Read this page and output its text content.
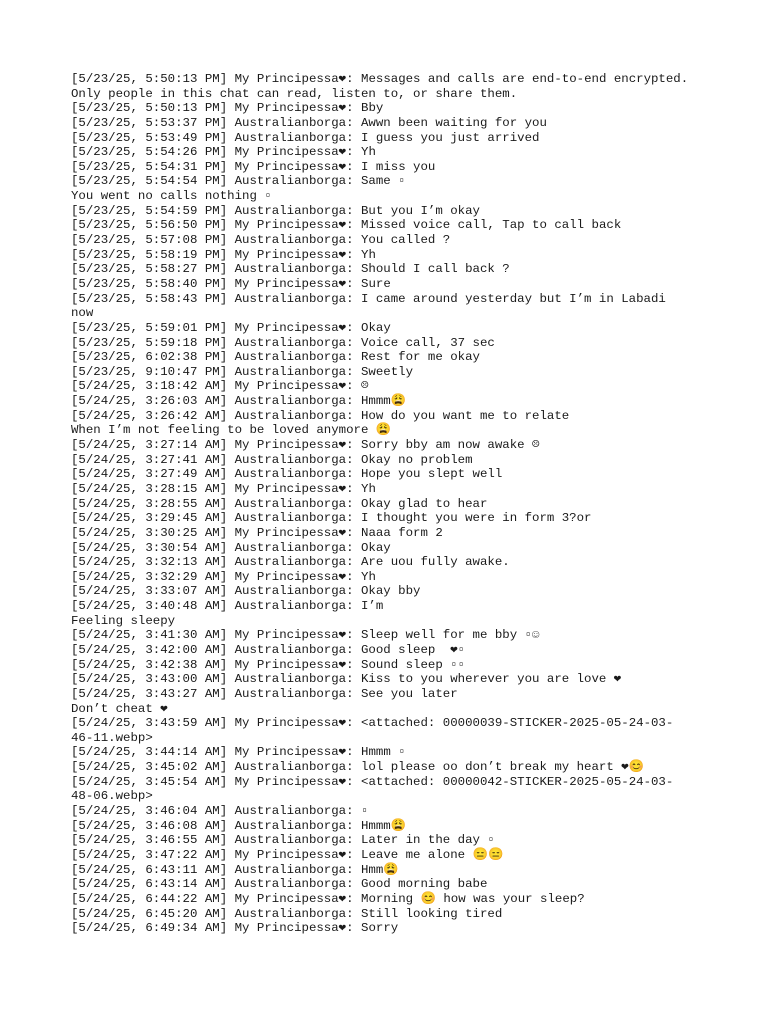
[5/23/25, 5:50:13 PM] My Principessa❤: Messages and calls are end-to-end encrypted.

Only people in this chat can read, listen to, or share them.

[5/23/25, 5:50:13 PM] My Principessa❤: Bby

[5/23/25, 5:53:37 PM] Australianborga: Awwn been waiting for you

[5/23/25, 5:53:49 PM] Australianborga: I guess you just arrived

[5/23/25, 5:54:26 PM] My Principessa❤: Yh

[5/23/25, 5:54:31 PM] My Principessa❤: I miss you

[5/23/25, 5:54:54 PM] Australianborga: Same ▫

You went no calls nothing ▫

[5/23/25, 5:54:59 PM] Australianborga: But you I’m okay

[5/23/25, 5:56:50 PM] My Principessa❤: Missed voice call, Tap to call back

[5/23/25, 5:57:08 PM] Australianborga: You called ?

[5/23/25, 5:58:19 PM] My Principessa❤: Yh

[5/23/25, 5:58:27 PM] Australianborga: Should I call back ?

[5/23/25, 5:58:40 PM] My Principessa❤: Sure

[5/23/25, 5:58:43 PM] Australianborga: I came around yesterday but I’m in Labadi

now

[5/23/25, 5:59:01 PM] My Principessa❤: Okay

[5/23/25, 5:59:18 PM] Australianborga: Voice call, 37 sec

[5/23/25, 6:02:38 PM] Australianborga: Rest for me okay

[5/23/25, 9:10:47 PM] Australianborga: Sweetly

[5/24/25, 3:18:42 AM] My Principessa❤: ☹

[5/24/25, 3:26:03 AM] Australianborga: Hmmm😩

[5/24/25, 3:26:42 AM] Australianborga: How do you want me to relate

When I’m not feeling to be loved anymore 😩

[5/24/25, 3:27:14 AM] My Principessa❤: Sorry bby am now awake ☹

[5/24/25, 3:27:41 AM] Australianborga: Okay no problem

[5/24/25, 3:27:49 AM] Australianborga: Hope you slept well

[5/24/25, 3:28:15 AM] My Principessa❤: Yh

[5/24/25, 3:28:55 AM] Australianborga: Okay glad to hear

[5/24/25, 3:29:45 AM] Australianborga: I thought you were in form 3?or

[5/24/25, 3:30:25 AM] My Principessa❤: Naaa form 2

[5/24/25, 3:30:54 AM] Australianborga: Okay

[5/24/25, 3:32:13 AM] Australianborga: Are uou fully awake.

[5/24/25, 3:32:29 AM] My Principessa❤: Yh

[5/24/25, 3:33:07 AM] Australianborga: Okay bby

[5/24/25, 3:40:48 AM] Australianborga: I’m

Feeling sleepy

[5/24/25, 3:41:30 AM] My Principessa❤: Sleep well for me bby ▫☺

[5/24/25, 3:42:00 AM] Australianborga: Good sleep  ❤▫

[5/24/25, 3:42:38 AM] My Principessa❤: Sound sleep ▫▫

[5/24/25, 3:43:00 AM] Australianborga: Kiss to you wherever you are love ❤

[5/24/25, 3:43:27 AM] Australianborga: See you later

Don’t cheat ❤

[5/24/25, 3:43:59 AM] My Principessa❤: <attached: 00000039-STICKER-2025-05-24-03-

46-11.webp>

[5/24/25, 3:44:14 AM] My Principessa❤: Hmmm ▫

[5/24/25, 3:45:02 AM] Australianborga: lol please oo don’t break my heart ❤😊

[5/24/25, 3:45:54 AM] My Principessa❤: <attached: 00000042-STICKER-2025-05-24-03-

48-06.webp>

[5/24/25, 3:46:04 AM] Australianborga: ▫

[5/24/25, 3:46:08 AM] Australianborga: Hmmm😩

[5/24/25, 3:46:55 AM] Australianborga: Later in the day ▫

[5/24/25, 3:47:22 AM] My Principessa❤: Leave me alone 😑😑

[5/24/25, 6:43:11 AM] Australianborga: Hmm😩

[5/24/25, 6:43:14 AM] Australianborga: Good morning babe

[5/24/25, 6:44:22 AM] My Principessa❤: Morning 😊 how was your sleep?

[5/24/25, 6:45:20 AM] Australianborga: Still looking tired

[5/24/25, 6:49:34 AM] My Principessa❤: Sorry
